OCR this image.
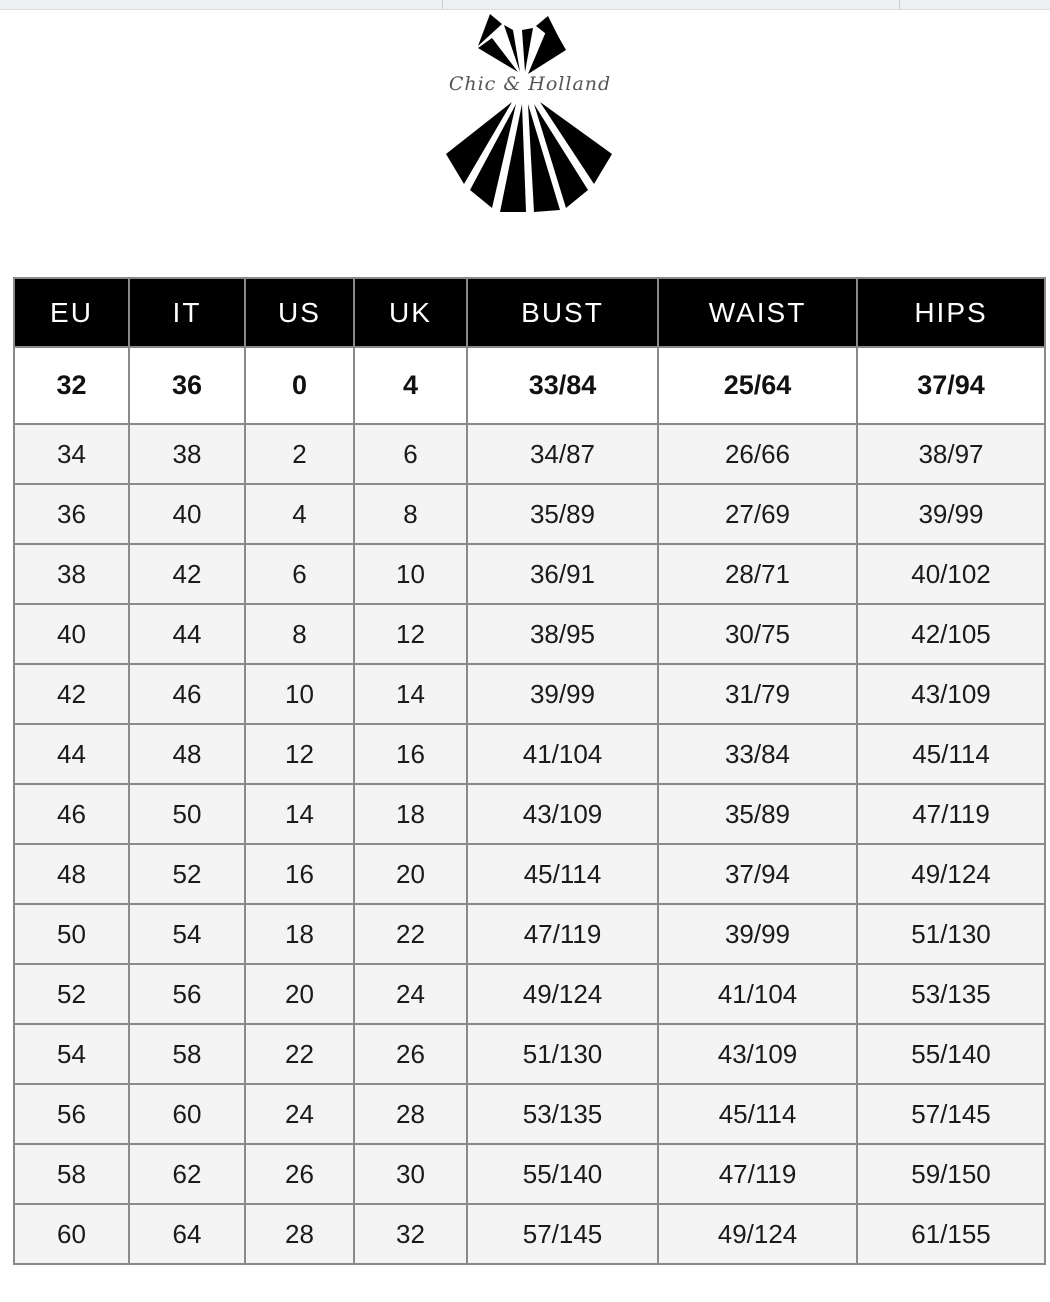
Chic & Holland
EU	IT	US	UK	BUST	WAIST	HIPS
32	36	0	4	33/84	25/64	37/94
34	38	2	6	34/87	26/66	38/97
36	40	4	8	35/89	27/69	39/99
38	42	6	10	36/91	28/71	40/102
40	44	8	12	38/95	30/75	42/105
42	46	10	14	39/99	31/79	43/109
44	48	12	16	41/104	33/84	45/114
46	50	14	18	43/109	35/89	47/119
48	52	16	20	45/114	37/94	49/124
50	54	18	22	47/119	39/99	51/130
52	56	20	24	49/124	41/104	53/135
54	58	22	26	51/130	43/109	55/140
56	60	24	28	53/135	45/114	57/145
58	62	26	30	55/140	47/119	59/150
60	64	28	32	57/145	49/124	61/155
